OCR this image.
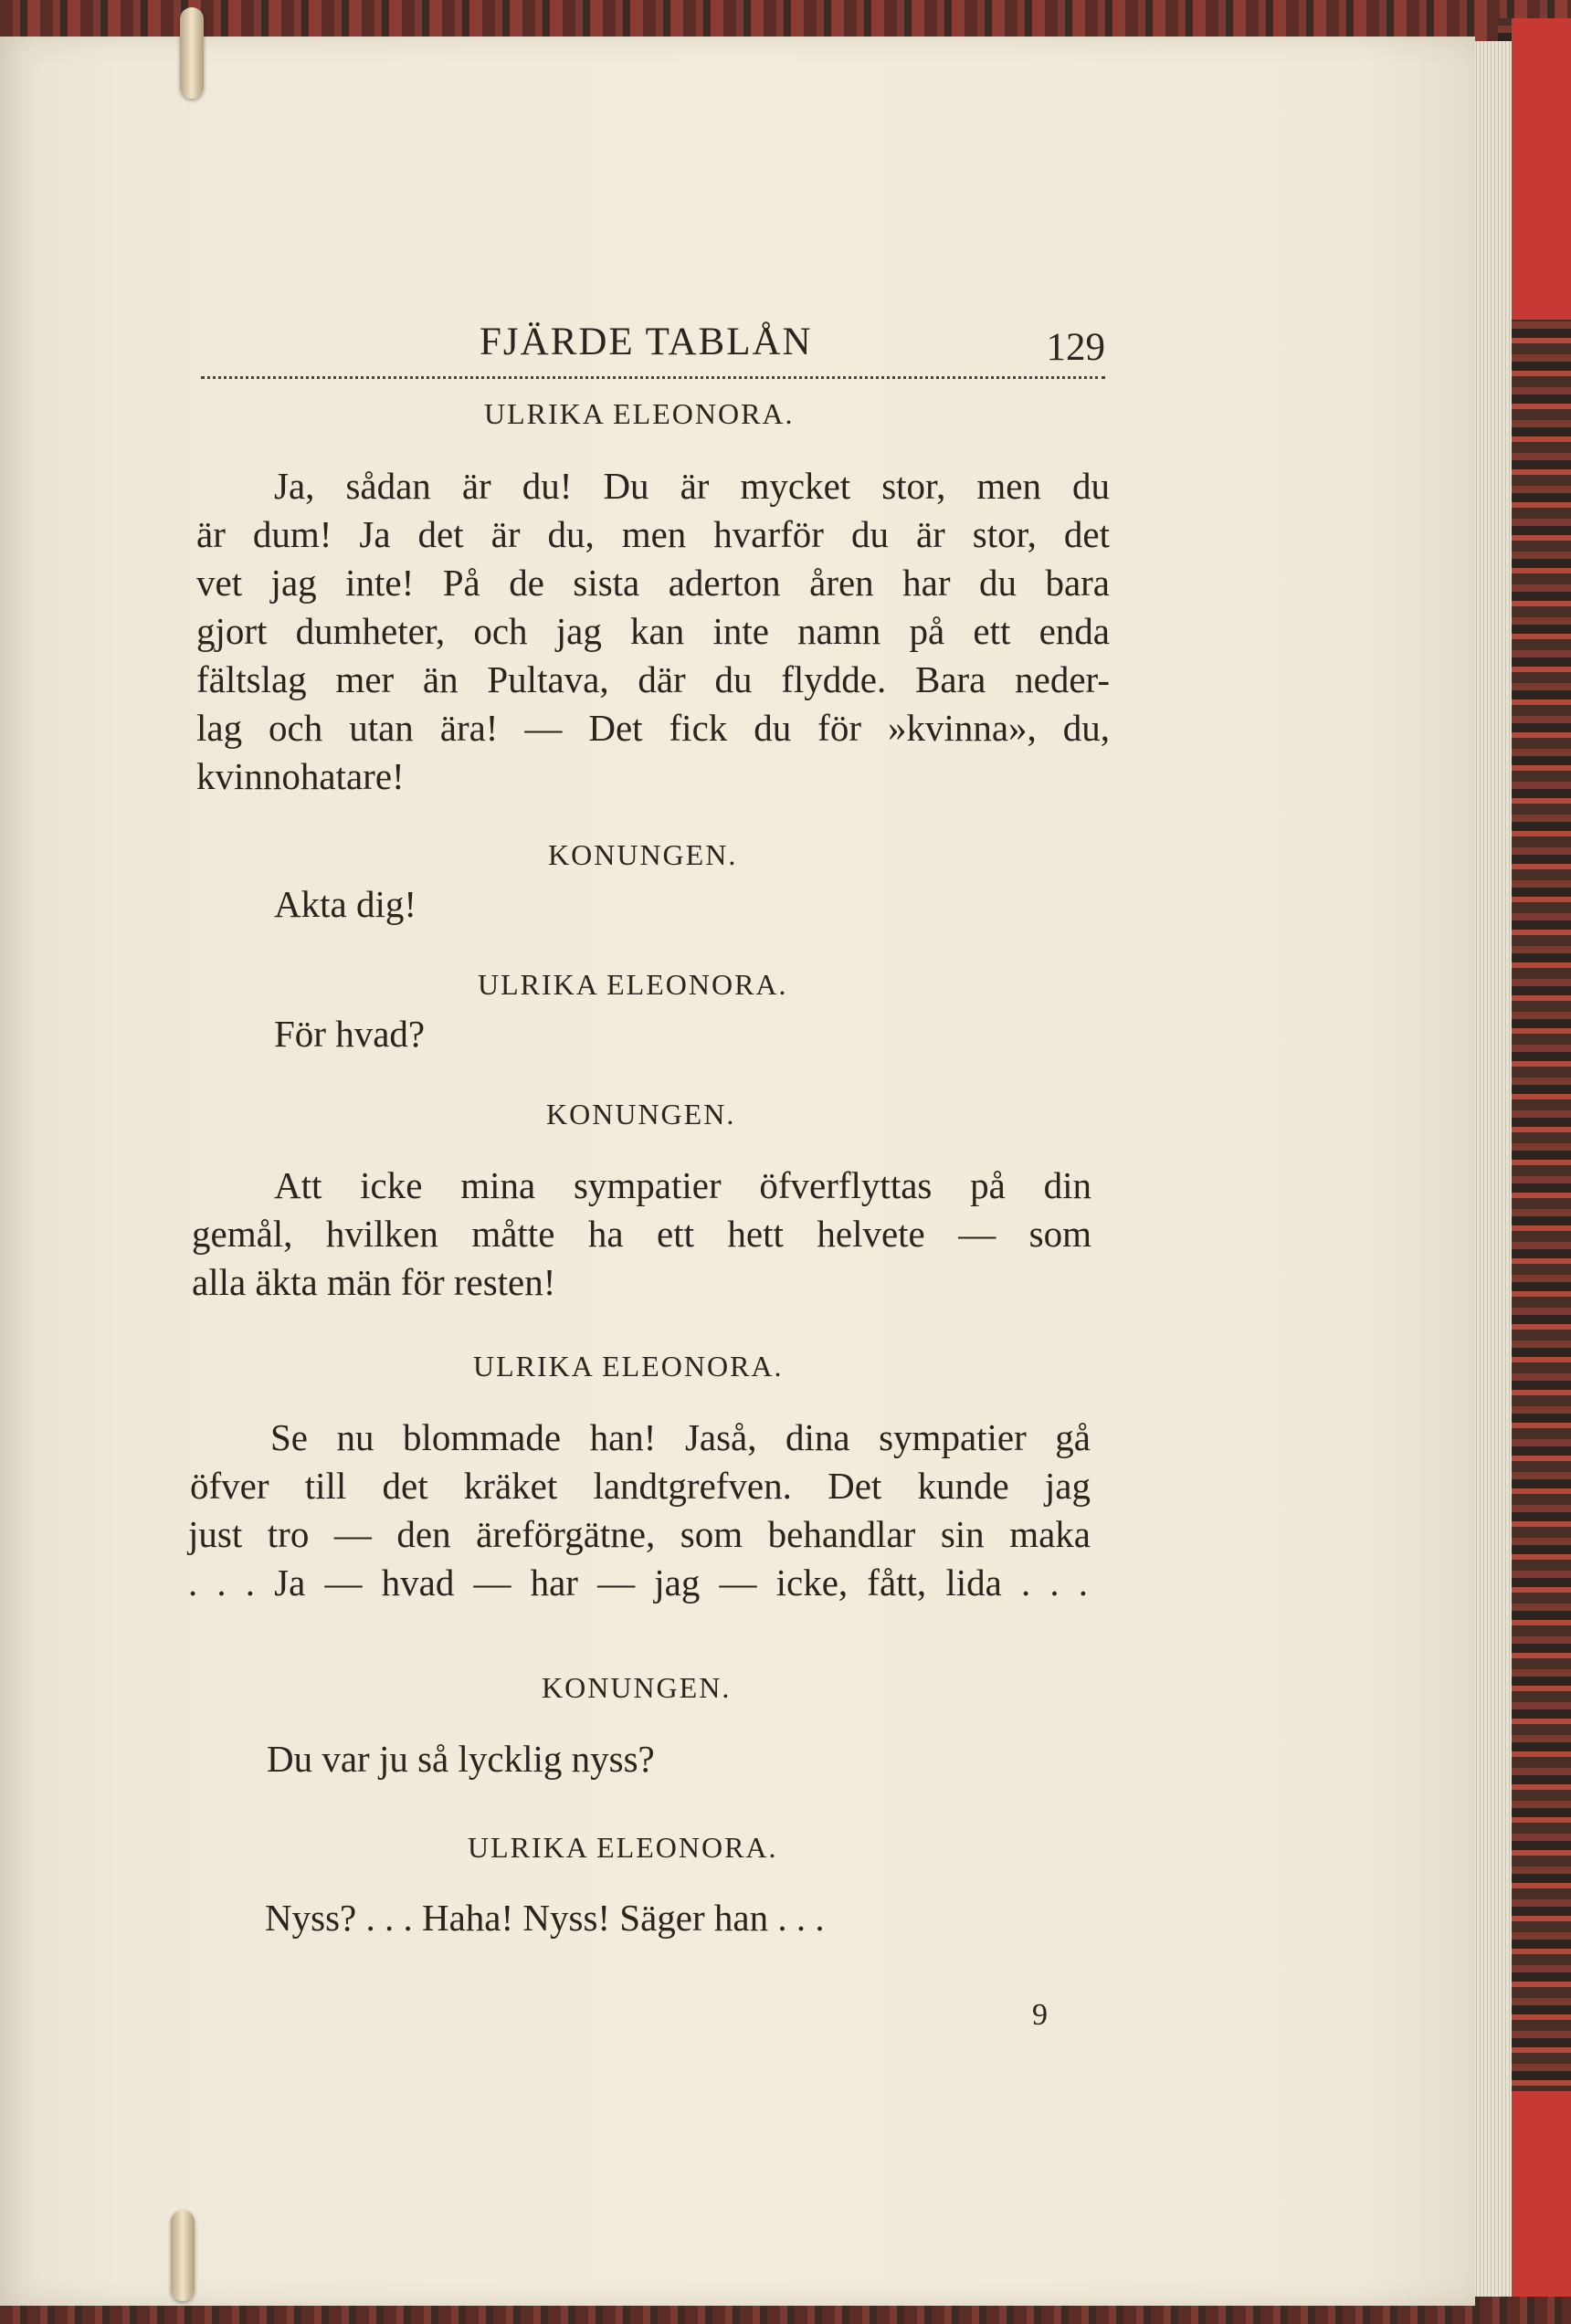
FJÄRDE TABLÅN	129
ULRIKA ELEONORA.
Ja, sådan är du! Du är mycket stor, men du
är dum! Ja det är du, men hvarför du är stor, det
vet jag inte! På de sista aderton åren har du bara
gjort dumheter, och jag kan inte namn på ett enda
fältslag mer än Pultava, där du flydde. Bara neder-
lag och utan ära! — Det fick du för »kvinna», du,
kvinnohatare!
KONUNGEN.
Akta dig!
ULRIKA ELEONORA.
För hvad?
KONUNGEN.
Att icke mina sympatier öfverflyttas på din
gemål, hvilken måtte ha ett hett helvete — som
alla äkta män för resten!
ULRIKA ELEONORA.
Se nu blommade han! Jaså, dina sympatier gå
öfver till det kräket landtgrefven. Det kunde jag
just tro — den äreförgätne, som behandlar sin maka
. . . Ja — hvad — har — jag — icke, fått, lida . . .
KONUNGEN.
Du var ju så lycklig nyss?
ULRIKA ELEONORA.
Nyss? . . . Haha! Nyss! Säger han . . .
9
